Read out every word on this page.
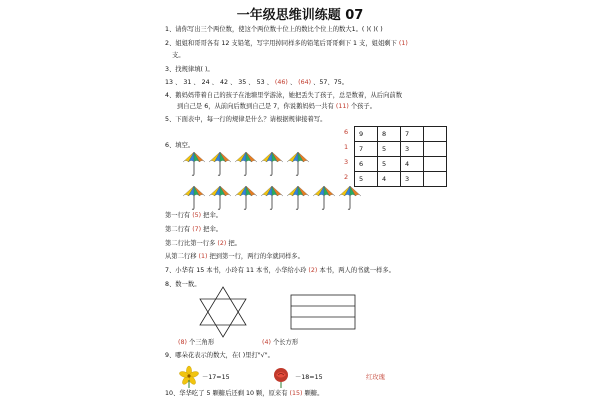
一年级思维训练题 07
1、请你写出三个两位数，使这个两位数十位上的数比个位上的数大1。( )( )( )
2、姐姐和哥哥各有 12 支铅笔，写字用掉同样多的铅笔后哥哥剩下 1 支，姐姐剩下 (1)
支。
3、找规律填( )。
13 、 31 、 24 、 42 、 35 、 53 、 (46) 、 (64) 、57、75。
4、鹅妈妈带着自己的孩子在池塘里学游泳，她把丢失了孩子，总是数着，从后向前数
到自己是 6，从前向后数到自己是 7，你说鹅妈妈一共有 (11) 个孩子。
5、下面表中，每一行的规律是什么？请根据规律接着写。
6
1
3
2
9	8	7	
7	5	3	
6	5	4	
5	4	3	
6、填空。
第一行有 (5) 把伞。
第二行有 (7) 把伞。
第二行比第一行多 (2) 把。
从第二行移 (1) 把到第一行，两行的伞就同样多。
7、小华有 15 本书，小玲有 11 本书，小华给小玲 (2) 本书，两人的书就一样多。
8、数一数。
(8) 个三角形	(4) 个长方形
9、哪朵花表示的数大，在( )里打"√"。
－17=15	－18=15	红玫瑰
10、华华吃了 5 颗糖后还剩 10 颗，原来有 (15) 颗糖。
